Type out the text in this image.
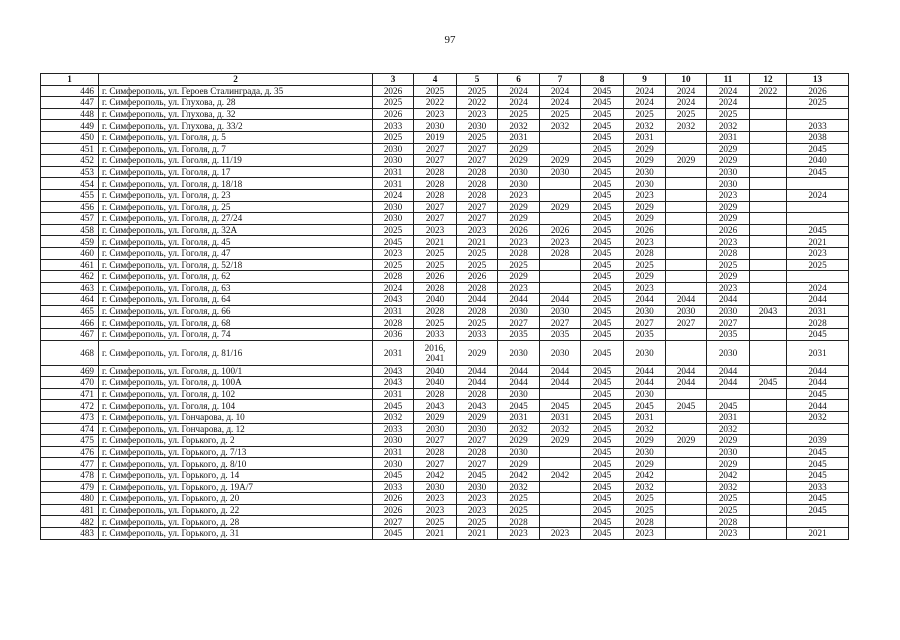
97
1	2	3	4	5	6	7	8	9	10	11	12	13
446	г. Симферополь, ул. Героев Сталинграда, д. 35	2026	2025	2025	2024	2024	2045	2024	2024	2024	2022	2026
447	г. Симферополь, ул. Глухова, д. 28	2025	2022	2022	2024	2024	2045	2024	2024	2024		2025
448	г. Симферополь, ул. Глухова, д. 32	2026	2023	2023	2025	2025	2045	2025	2025	2025		
449	г. Симферополь, ул. Глухова, д. 33/2	2033	2030	2030	2032	2032	2045	2032	2032	2032		2033
450	г. Симферополь, ул. Гоголя, д. 5	2025	2019	2025	2031		2045	2031		2031		2038
451	г. Симферополь, ул. Гоголя, д. 7	2030	2027	2027	2029		2045	2029		2029		2045
452	г. Симферополь, ул. Гоголя, д. 11/19	2030	2027	2027	2029	2029	2045	2029	2029	2029		2040
453	г. Симферополь, ул. Гоголя, д. 17	2031	2028	2028	2030	2030	2045	2030		2030		2045
454	г. Симферополь, ул. Гоголя, д. 18/18	2031	2028	2028	2030		2045	2030		2030		
455	г. Симферополь, ул. Гоголя, д. 23	2024	2028	2028	2023		2045	2023		2023		2024
456	г. Симферополь, ул. Гоголя, д. 25	2030	2027	2027	2029	2029	2045	2029		2029		
457	г. Симферополь, ул. Гоголя, д. 27/24	2030	2027	2027	2029		2045	2029		2029		
458	г. Симферополь, ул. Гоголя, д. 32А	2025	2023	2023	2026	2026	2045	2026		2026		2045
459	г. Симферополь, ул. Гоголя, д. 45	2045	2021	2021	2023	2023	2045	2023		2023		2021
460	г. Симферополь, ул. Гоголя, д. 47	2023	2025	2025	2028	2028	2045	2028		2028		2023
461	г. Симферополь, ул. Гоголя, д. 52/18	2025	2025	2025	2025		2045	2025		2025		2025
462	г. Симферополь, ул. Гоголя, д. 62	2028	2026	2026	2029		2045	2029		2029		
463	г. Симферополь, ул. Гоголя, д. 63	2024	2028	2028	2023		2045	2023		2023		2024
464	г. Симферополь, ул. Гоголя, д. 64	2043	2040	2044	2044	2044	2045	2044	2044	2044		2044
465	г. Симферополь, ул. Гоголя, д. 66	2031	2028	2028	2030	2030	2045	2030	2030	2030	2043	2031
466	г. Симферополь, ул. Гоголя, д. 68	2028	2025	2025	2027	2027	2045	2027	2027	2027		2028
467	г. Симферополь, ул. Гоголя, д. 74	2036	2033	2033	2035	2035	2045	2035		2035		2045
468	г. Симферополь, ул. Гоголя, д. 81/16	2031	2016, 2041	2029	2030	2030	2045	2030		2030		2031
469	г. Симферополь, ул. Гоголя, д. 100/1	2043	2040	2044	2044	2044	2045	2044	2044	2044		2044
470	г. Симферополь, ул. Гоголя, д. 100А	2043	2040	2044	2044	2044	2045	2044	2044	2044	2045	2044
471	г. Симферополь, ул. Гоголя, д. 102	2031	2028	2028	2030		2045	2030				2045
472	г. Симферополь, ул. Гоголя, д. 104	2045	2043	2043	2045	2045	2045	2045	2045	2045		2044
473	г. Симферополь, ул. Гончарова, д. 10	2032	2029	2029	2031	2031	2045	2031		2031		2032
474	г. Симферополь, ул. Гончарова, д. 12	2033	2030	2030	2032	2032	2045	2032		2032		
475	г. Симферополь, ул. Горького, д. 2	2030	2027	2027	2029	2029	2045	2029	2029	2029		2039
476	г. Симферополь, ул. Горького, д. 7/13	2031	2028	2028	2030		2045	2030		2030		2045
477	г. Симферополь, ул. Горького, д. 8/10	2030	2027	2027	2029		2045	2029		2029		2045
478	г. Симферополь, ул. Горького, д. 14	2045	2042	2045	2042	2042	2045	2042		2042		2045
479	г. Симферополь, ул. Горького, д. 19А/7	2033	2030	2030	2032		2045	2032		2032		2033
480	г. Симферополь, ул. Горького, д. 20	2026	2023	2023	2025		2045	2025		2025		2045
481	г. Симферополь, ул. Горького, д. 22	2026	2023	2023	2025		2045	2025		2025		2045
482	г. Симферополь, ул. Горького, д. 28	2027	2025	2025	2028		2045	2028		2028		
483	г. Симферополь, ул. Горького, д. 31	2045	2021	2021	2023	2023	2045	2023		2023		2021
